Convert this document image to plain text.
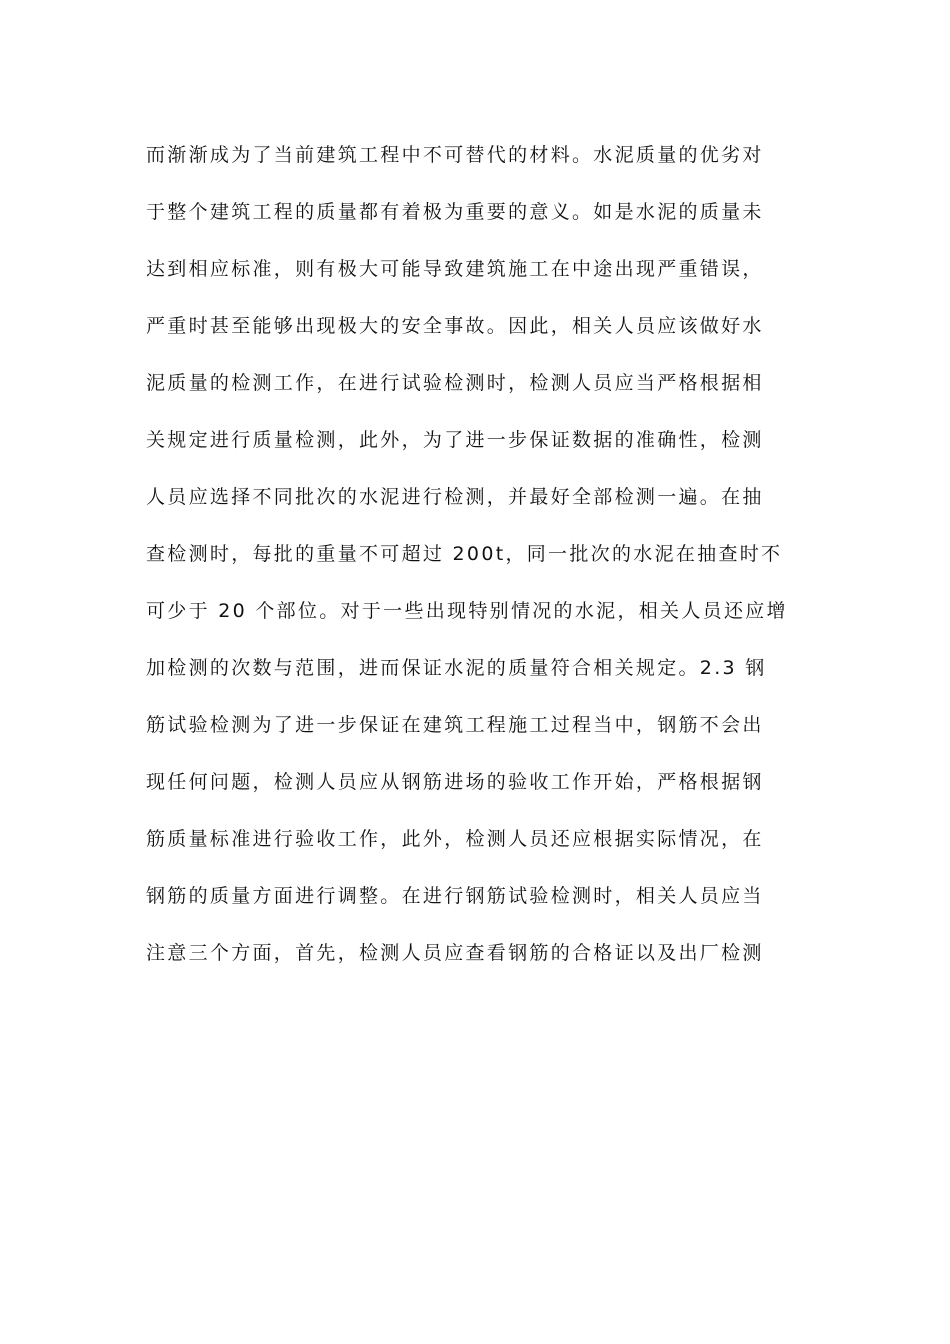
而渐渐成为了当前建筑工程中不可替代的材料。水泥质量的优劣对
于整个建筑工程的质量都有着极为重要的意义。如是水泥的质量未
达到相应标准，则有极大可能导致建筑施工在中途出现严重错误，
严重时甚至能够出现极大的安全事故。因此，相关人员应该做好水
泥质量的检测工作，在进行试验检测时，检测人员应当严格根据相
关规定进行质量检测，此外，为了进一步保证数据的准确性，检测
人员应选择不同批次的水泥进行检测，并最好全部检测一遍。在抽
查检测时，每批的重量不可超过 200t，同一批次的水泥在抽查时不
可少于 20 个部位。对于一些出现特别情况的水泥，相关人员还应增
加检测的次数与范围，进而保证水泥的质量符合相关规定。2.3 钢
筋试验检测为了进一步保证在建筑工程施工过程当中，钢筋不会出
现任何问题，检测人员应从钢筋进场的验收工作开始，严格根据钢
筋质量标准进行验收工作，此外，检测人员还应根据实际情况，在
钢筋的质量方面进行调整。在进行钢筋试验检测时，相关人员应当
注意三个方面，首先，检测人员应查看钢筋的合格证以及出厂检测
